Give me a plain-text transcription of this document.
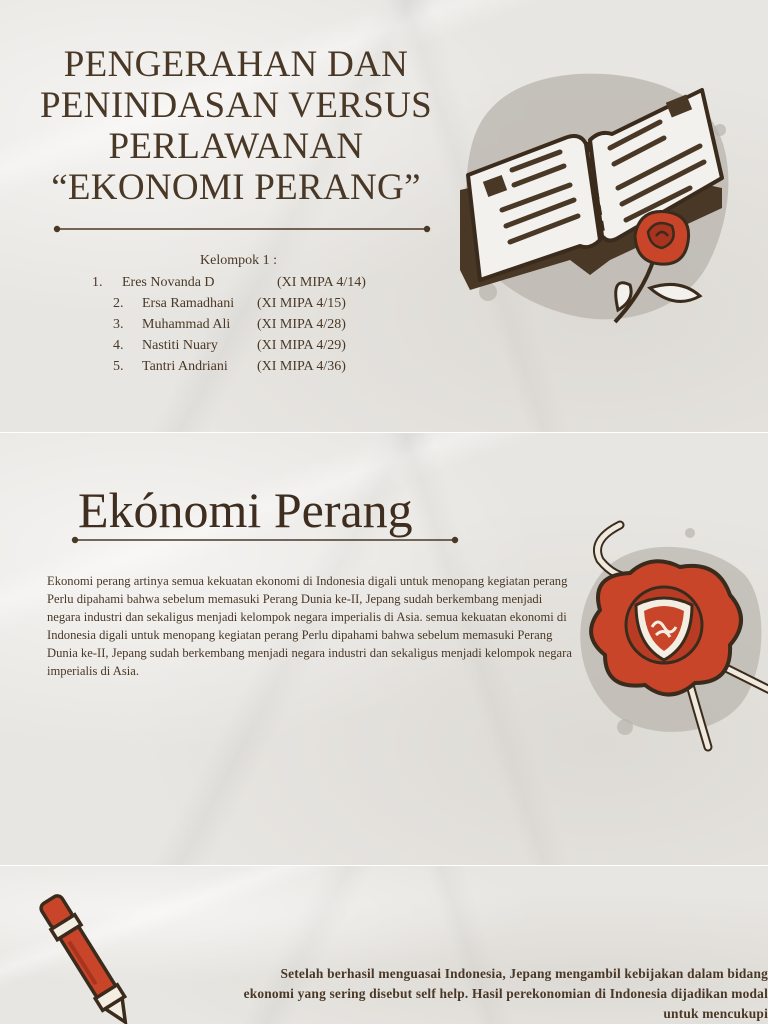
PENGERAHAN DAN
PENINDASAN VERSUS
PERLAWANAN
“EKONOMI PERANG”
Kelompok 1 :
1. Eres Novanda D	(XI MIPA 4/14)
2. Ersa Ramadhani (XI MIPA 4/15)
3. Muhammad Ali (XI MIPA 4/28)
4. Nastiti Nuary	(XI MIPA 4/29)
5. Tantri Andriani (XI MIPA 4/36)
Ekónomi Perang

Ekonomi perang artinya semua kekuatan ekonomi di Indonesia digali untuk menopang kegiatan perang Perlu dipahami bahwa sebelum memasuki Perang Dunia ke-II, Jepang sudah berkembang menjadi negara industri dan sekaligus menjadi kelompok negara imperialis di Asia. semua kekuatan ekonomi di Indonesia digali untuk menopang kegiatan perang Perlu dipahami bahwa sebelum memasuki Perang Dunia ke-II, Jepang sudah berkembang menjadi negara industri dan sekaligus menjadi kelompok negara imperialis di Asia.

Setelah berhasil menguasai Indonesia, Jepang mengambil kebijakan dalam bidang ekonomi yang sering disebut self help. Hasil perekonomian di Indonesia dijadikan modal untuk mencukupi
